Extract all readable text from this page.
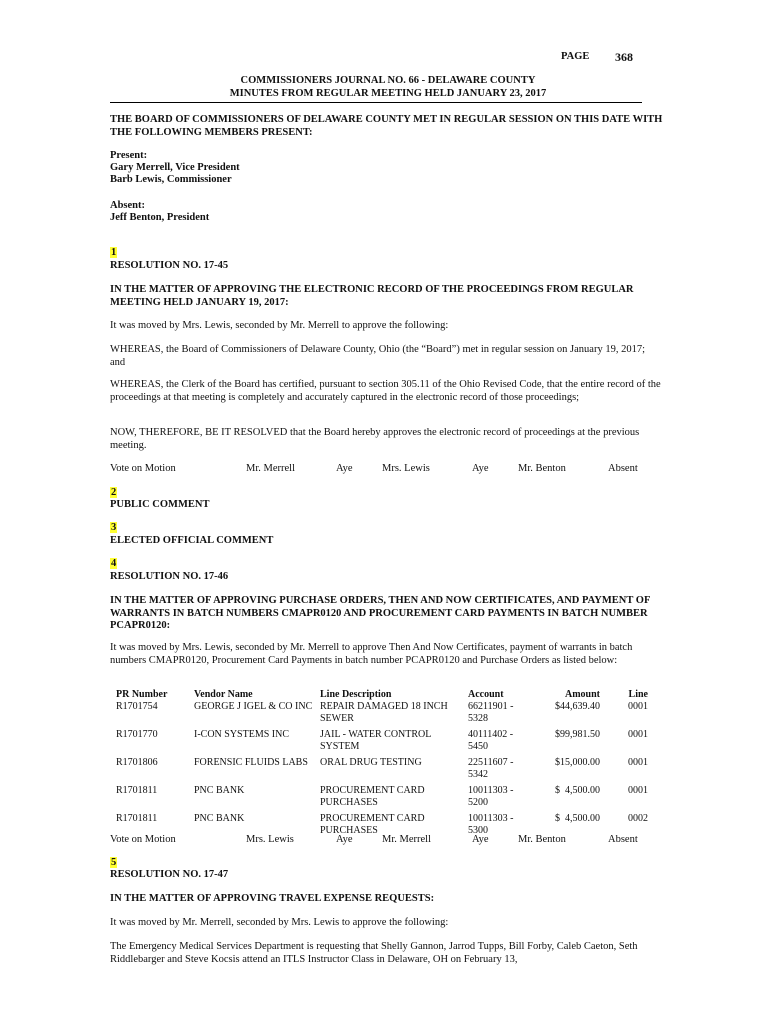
PAGE 368
COMMISSIONERS JOURNAL NO. 66 - DELAWARE COUNTY
MINUTES FROM REGULAR MEETING HELD JANUARY 23, 2017
THE BOARD OF COMMISSIONERS OF DELAWARE COUNTY MET IN REGULAR SESSION ON THIS DATE WITH THE FOLLOWING MEMBERS PRESENT:
Present:
Gary Merrell, Vice President
Barb Lewis, Commissioner
Absent:
Jeff Benton, President
1
RESOLUTION NO. 17-45
IN THE MATTER OF APPROVING THE ELECTRONIC RECORD OF THE PROCEEDINGS FROM REGULAR MEETING HELD JANUARY 19, 2017:
It was moved by Mrs. Lewis, seconded by Mr. Merrell to approve the following:
WHEREAS, the Board of Commissioners of Delaware County, Ohio (the “Board”) met in regular session on January 19, 2017; and
WHEREAS, the Clerk of the Board has certified, pursuant to section 305.11 of the Ohio Revised Code, that the entire record of the proceedings at that meeting is completely and accurately captured in the electronic record of those proceedings;
NOW, THEREFORE, BE IT RESOLVED that the Board hereby approves the electronic record of proceedings at the previous meeting.
Vote on Motion	Mr. Merrell	Aye	Mrs. Lewis	Aye	Mr. Benton	Absent
2
PUBLIC COMMENT
3
ELECTED OFFICIAL COMMENT
4
RESOLUTION NO. 17-46
IN THE MATTER OF APPROVING PURCHASE ORDERS, THEN AND NOW CERTIFICATES, AND PAYMENT OF WARRANTS IN BATCH NUMBERS CMAPR0120 AND PROCUREMENT CARD PAYMENTS IN BATCH NUMBER PCAPR0120:
It was moved by Mrs. Lewis, seconded by Mr. Merrell to approve Then And Now Certificates, payment of warrants in batch numbers CMAPR0120, Procurement Card Payments in batch number PCAPR0120 and Purchase Orders as listed below:
PR Number	Vendor Name	Line Description	Account	Amount	Line
R1701754	GEORGE J IGEL & CO INC	REPAIR DAMAGED 18 INCH SEWER	66211901 - 5328	$44,639.40	0001
R1701770	I-CON SYSTEMS INC	JAIL - WATER CONTROL SYSTEM	40111402 - 5450	$99,981.50	0001
R1701806	FORENSIC FLUIDS LABS	ORAL DRUG TESTING	22511607 - 5342	$15,000.00	0001
R1701811	PNC BANK	PROCUREMENT CARD PURCHASES	10011303 - 5200	$  4,500.00	0001
R1701811	PNC BANK	PROCUREMENT CARD PURCHASES	10011303 - 5300	$  4,500.00	0002
Vote on Motion	Mrs. Lewis	Aye	Mr. Merrell	Aye	Mr. Benton	Absent
5
RESOLUTION NO. 17-47
IN THE MATTER OF APPROVING TRAVEL EXPENSE REQUESTS:
It was moved by Mr. Merrell, seconded by Mrs. Lewis to approve the following:
The Emergency Medical Services Department is requesting that Shelly Gannon, Jarrod Tupps, Bill Forby, Caleb Caeton, Seth Riddlebarger and Steve Kocsis attend an ITLS Instructor Class in Delaware, OH on February 13,
